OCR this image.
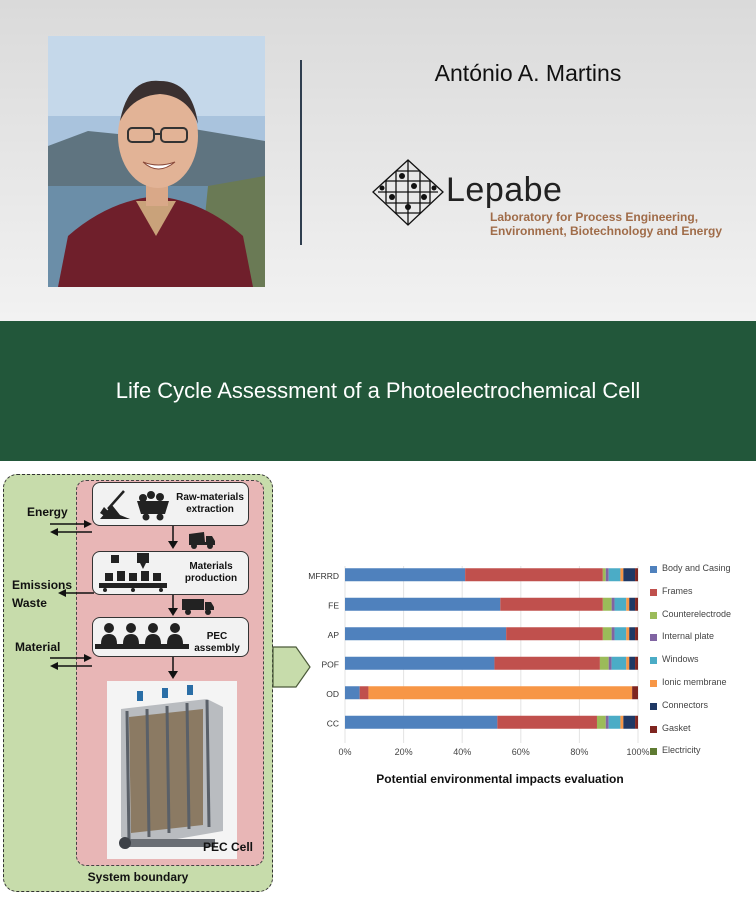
António A. Martins
Lepabe
Laboratory for Process Engineering,
Environment, Biotechnology and Energy
Life Cycle Assessment of a Photoelectrochemical Cell
Raw-materials
extraction
Materials
production
PEC assembly
PEC Cell
Energy
Emissions
Waste
Material
System boundary
0%	20%	40%	60%	80%	100%
MFRRD
FE
AP
POF
OD
CC
Potential environmental impacts evaluation
Body and Casing
Frames
Counterelectrode
Internal plate
Windows
Ionic membrane
Connectors
Gasket
Electricity
